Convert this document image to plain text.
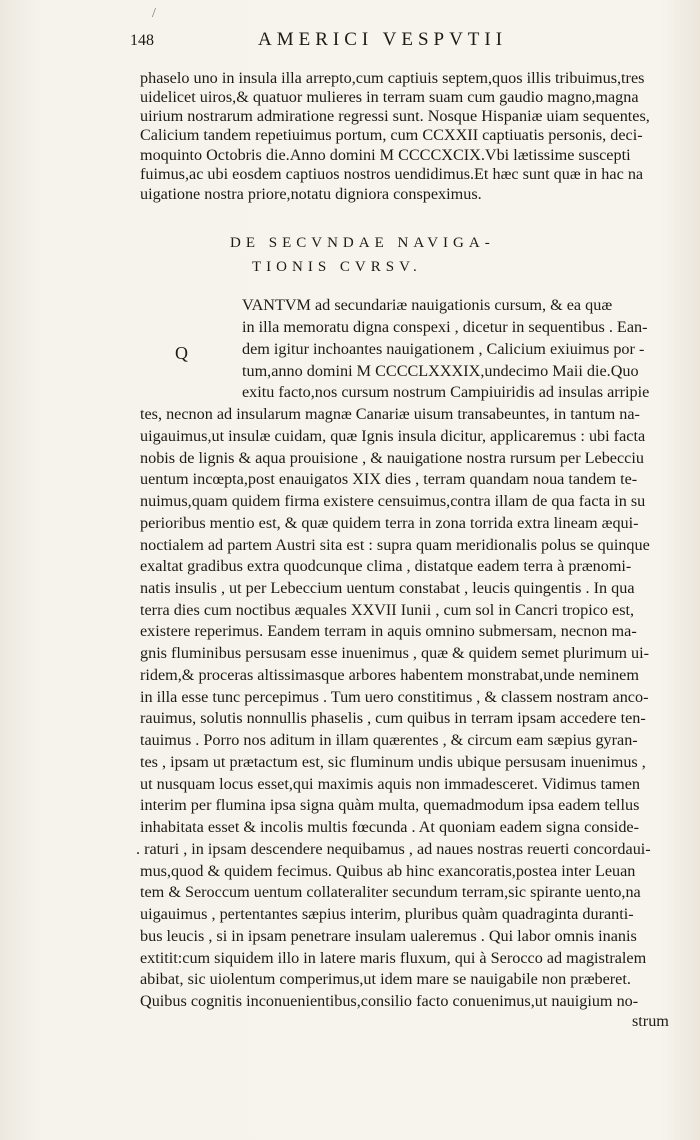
/
148	AMERICI VESPVTII
phaselo uno in insula illa arrepto,cum captiuis septem,quos illis tribuimus,tres
uidelicet uiros,& quatuor mulieres in terram suam cum gaudio magno,magna
uirium nostrarum admiratione regressi sunt. Nosque Hispaniæ uiam sequentes,
Calicium tandem repetiuimus portum, cum CCXXII captiuatis personis, deci-
moquinto Octobris die.Anno domini M CCCCXCIX.Vbi lætissime suscepti
fuimus,ac ubi eosdem captiuos nostros uendidimus.Et hæc sunt quæ in hac na
uigatione nostra priore,notatu digniora conspeximus.
DE SECVNDAE NAVIGA-
TIONIS CVRSV.
Q
VANTVM ad secundariæ nauigationis cursum, & ea quæ
in illa memoratu digna conspexi , dicetur in sequentibus . Ean-
dem igitur inchoantes nauigationem , Calicium exiuimus por -
tum,anno domini M CCCCLXXXIX,undecimo Maii die.Quo
exitu facto,nos cursum nostrum Campiuiridis ad insulas arripie
tes, necnon ad insularum magnæ Canariæ uisum transabeuntes, in tantum na-
uigauimus,ut insulæ cuidam, quæ Ignis insula dicitur, applicaremus : ubi facta
nobis de lignis & aqua prouisione , & nauigatione nostra rursum per Lebecciu
uentum incœpta,post enauigatos XIX dies , terram quandam noua tandem te-
nuimus,quam quidem firma existere censuimus,contra illam de qua facta in su
perioribus mentio est, & quæ quidem terra in zona torrida extra lineam æqui-
noctialem ad partem Austri sita est : supra quam meridionalis polus se quinque
exaltat gradibus extra quodcunque clima , distatque eadem terra à prænomi-
natis insulis , ut per Lebeccium uentum constabat , leucis quingentis . In qua
terra dies cum noctibus æquales XXVII Iunii , cum sol in Cancri tropico est,
existere reperimus. Eandem terram in aquis omnino submersam, necnon ma-
gnis fluminibus persusam esse inuenimus , quæ & quidem semet plurimum ui-
ridem,& proceras altissimasque arbores habentem monstrabat,unde neminem
in illa esse tunc percepimus . Tum uero constitimus , & classem nostram anco-
rauimus, solutis nonnullis phaselis , cum quibus in terram ipsam accedere ten-
tauimus . Porro nos aditum in illam quærentes , & circum eam sæpius gyran-
tes , ipsam ut prætactum est, sic fluminum undis ubique persusam inuenimus ,
ut nusquam locus esset,qui maximis aquis non immadesceret. Vidimus tamen
interim per flumina ipsa signa quàm multa, quemadmodum ipsa eadem tellus
inhabitata esset & incolis multis fœcunda . At quoniam eadem signa conside-
. raturi , in ipsam descendere nequibamus , ad naues nostras reuerti concordaui-
mus,quod & quidem fecimus. Quibus ab hinc exancoratis,postea inter Leuan
tem & Seroccum uentum collateraliter secundum terram,sic spirante uento,na
uigauimus , pertentantes sæpius interim, pluribus quàm quadraginta duranti-
bus leucis , si in ipsam penetrare insulam ualeremus . Qui labor omnis inanis
extitit:cum siquidem illo in latere maris fluxum, qui à Serocco ad magistralem
abibat, sic uiolentum comperimus,ut idem mare se nauigabile non præberet.
Quibus cognitis inconuenientibus,consilio facto conuenimus,ut nauigium no-
strum
